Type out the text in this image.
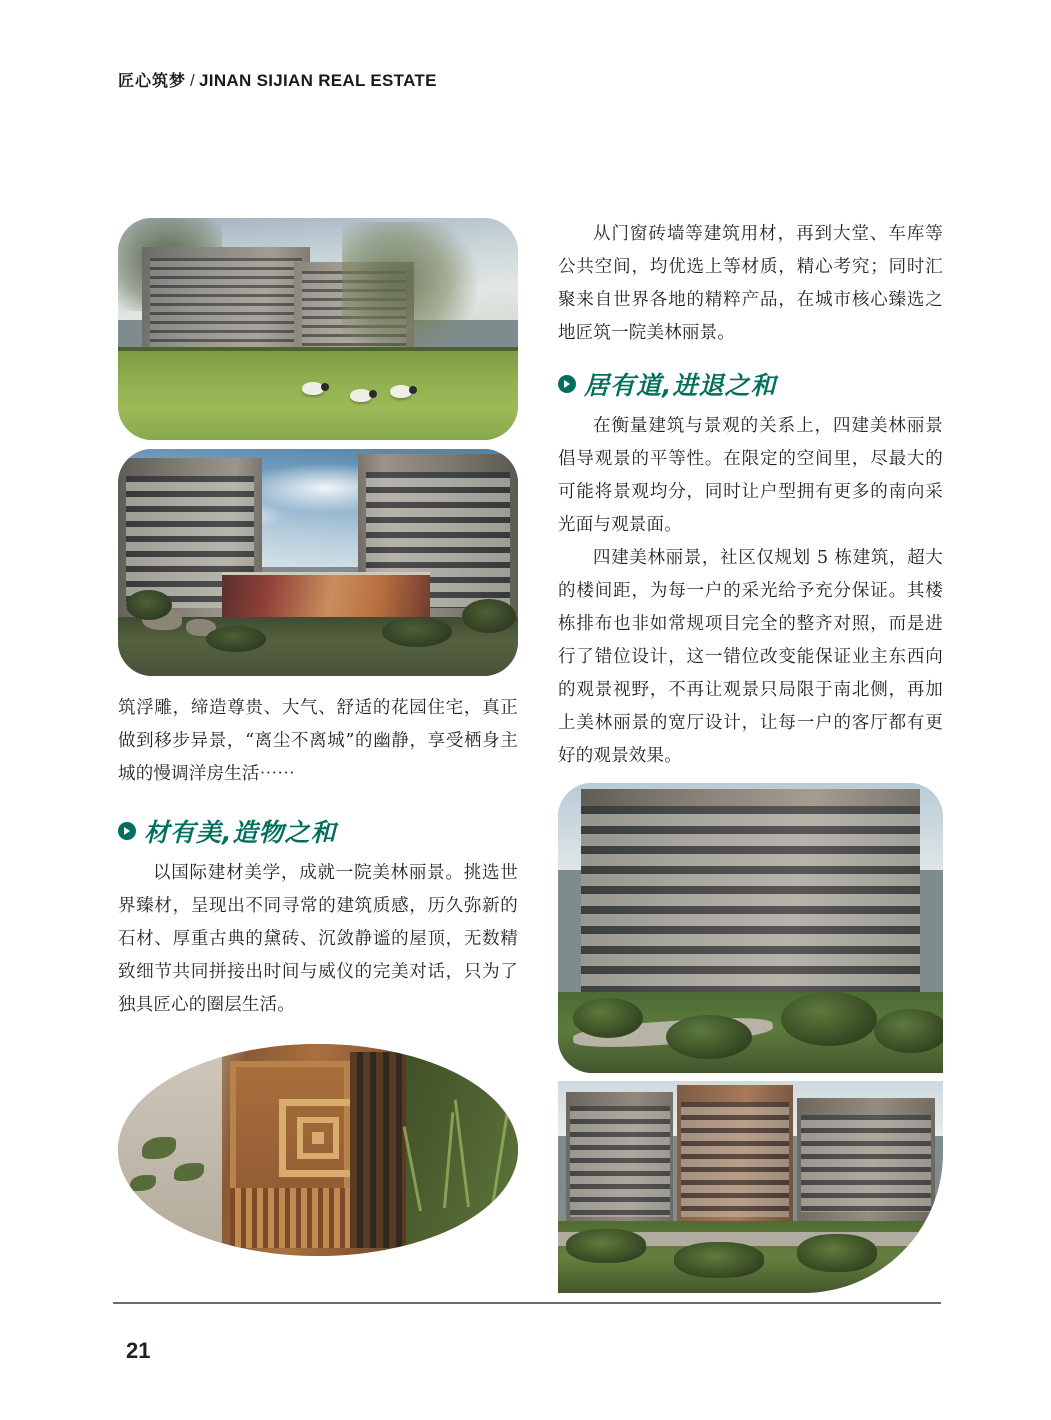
匠心筑梦 / JINAN SIJIAN REAL ESTATE
筑浮雕，缔造尊贵、大气、舒适的花园住宅，真正做到移步异景，“离尘不离城”的幽静，享受栖身主城的慢调洋房生活⋯⋯
材有美,造物之和

以国际建材美学，成就一院美林丽景。挑选世界臻材，呈现出不同寻常的建筑质感，历久弥新的石材、厚重古典的黛砖、沉敛静谧的屋顶，无数精致细节共同拼接出时间与威仪的完美对话，只为了独具匠心的圈层生活。

从门窗砖墙等建筑用材，再到大堂、车库等公共空间，均优选上等材质，精心考究；同时汇聚来自世界各地的精粹产品，在城市核心臻选之地匠筑一院美林丽景。

居有道,进退之和

在衡量建筑与景观的关系上，四建美林丽景倡导观景的平等性。在限定的空间里，尽最大的可能将景观均分，同时让户型拥有更多的南向采光面与观景面。

四建美林丽景，社区仅规划 5 栋建筑，超大的楼间距，为每一户的采光给予充分保证。其楼栋排布也非如常规项目完全的整齐对照，而是进行了错位设计，这一错位改变能保证业主东西向的观景视野，不再让观景只局限于南北侧，再加上美林丽景的宽厅设计，让每一户的客厅都有更好的观景效果。

21
